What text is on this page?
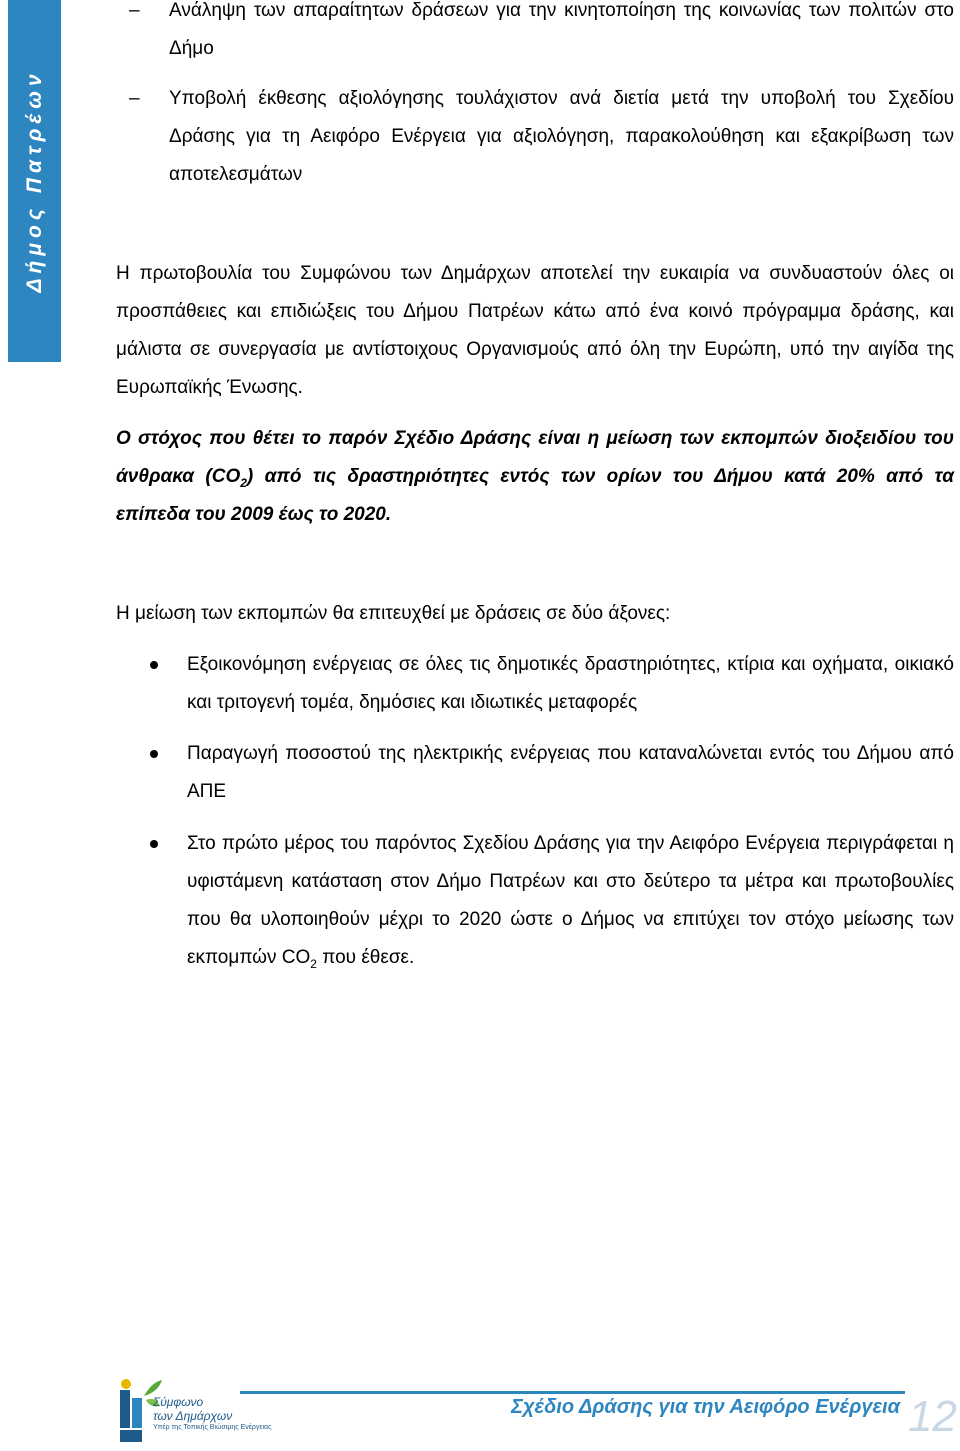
Δήμος Πατρέων
– Ανάληψη των απαραίτητων δράσεων για την κινητοποίηση της κοινωνίας των πολιτών στο Δήμο
– Υποβολή έκθεσης αξιολόγησης τουλάχιστον ανά διετία μετά την υποβολή του Σχεδίου Δράσης για τη Αειφόρο Ενέργεια για αξιολόγηση, παρακολούθηση και εξακρίβωση των αποτελεσμάτων
Η πρωτοβουλία του Συμφώνου των Δημάρχων αποτελεί την ευκαιρία να συνδυαστούν όλες οι προσπάθειες και επιδιώξεις του Δήμου Πατρέων κάτω από ένα κοινό πρόγραμμα δράσης, και μάλιστα σε συνεργασία με αντίστοιχους Οργανισμούς από όλη την Ευρώπη, υπό την αιγίδα της Ευρωπαϊκής Ένωσης.
Ο στόχος που θέτει το παρόν Σχέδιο Δράσης είναι η μείωση των εκπομπών διοξειδίου του άνθρακα $(CO_2)$ από τις δραστηριότητες εντός των ορίων του Δήμου κατά 20% από τα επίπεδα του 2009 έως το 2020.
Η μείωση των εκπομπών θα επιτευχθεί με δράσεις σε δύο άξονες:
Εξοικονόμηση ενέργειας σε όλες τις δημοτικές δραστηριότητες, κτίρια και οχήματα, οικιακό και τριτογενή τομέα, δημόσιες και ιδιωτικές μεταφορές
Παραγωγή ποσοστού της ηλεκτρικής ενέργειας που καταναλώνεται εντός του Δήμου από ΑΠΕ
Στο πρώτο μέρος του παρόντος Σχεδίου Δράσης για την Αειφόρο Ενέργεια περιγράφεται η υφιστάμενη κατάσταση στον Δήμο Πατρέων και στο δεύτερο τα μέτρα και πρωτοβουλίες που θα υλοποιηθούν μέχρι το 2020 ώστε ο Δήμος να επιτύχει τον στόχο μείωσης των εκπομπών $CO_2$ που έθεσε.
Σύμφωνο
των Δημάρχων
Υπέρ της Τοπικής Βιώσιμης Ενέργειας
Σχέδιο Δράσης για την Αειφόρο Ενέργεια 12
